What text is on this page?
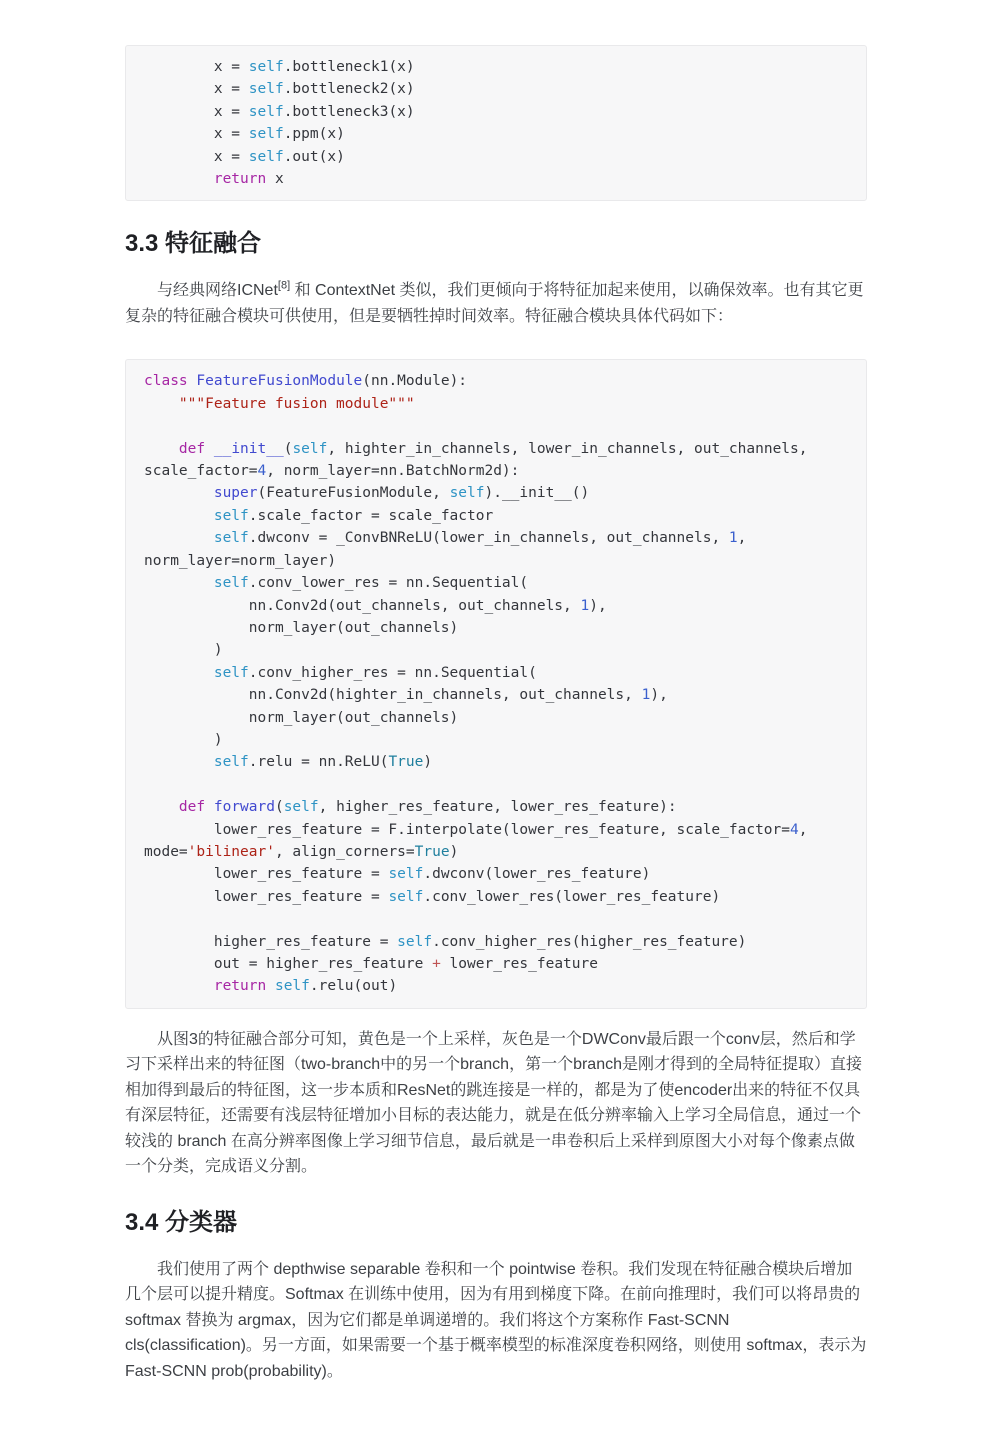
x = self.bottleneck1(x)
x = self.bottleneck2(x)
x = self.bottleneck3(x)
x = self.ppm(x)
x = self.out(x)
return x
3.3 特征融合

与经典网络ICNet[8] 和 ContextNet 类似，我们更倾向于将特征加起来使用，以确保效率。也有其它更复杂的特征融合模块可供使用，但是要牺牲掉时间效率。特征融合模块具体代码如下：

class FeatureFusionModule(nn.Module):
"""Feature fusion module"""

def __init__(self, highter_in_channels, lower_in_channels, out_channels,
scale_factor=4, norm_layer=nn.BatchNorm2d):
super(FeatureFusionModule, self).__init__()
self.scale_factor = scale_factor
self.dwconv = _ConvBNReLU(lower_in_channels, out_channels, 1,
norm_layer=norm_layer)
self.conv_lower_res = nn.Sequential(
nn.Conv2d(out_channels, out_channels, 1),
norm_layer(out_channels)
)
self.conv_higher_res = nn.Sequential(
nn.Conv2d(highter_in_channels, out_channels, 1),
norm_layer(out_channels)
)
self.relu = nn.ReLU(True)

def forward(self, higher_res_feature, lower_res_feature):
lower_res_feature = F.interpolate(lower_res_feature, scale_factor=4,
mode='bilinear', align_corners=True)
lower_res_feature = self.dwconv(lower_res_feature)
lower_res_feature = self.conv_lower_res(lower_res_feature)

higher_res_feature = self.conv_higher_res(higher_res_feature)
out = higher_res_feature + lower_res_feature
return self.relu(out)

从图3的特征融合部分可知，黄色是一个上采样，灰色是一个DWConv最后跟一个conv层，然后和学习下采样出来的特征图（two-branch中的另一个branch，第一个branch是刚才得到的全局特征提取）直接相加得到最后的特征图，这一步本质和ResNet的跳连接是一样的，都是为了使encoder出来的特征不仅具有深层特征，还需要有浅层特征增加小目标的表达能力，就是在低分辨率输入上学习全局信息，通过一个较浅的 branch 在高分辨率图像上学习细节信息，最后就是一串卷积后上采样到原图大小对每个像素点做一个分类，完成语义分割。

3.4 分类器

我们使用了两个 depthwise separable 卷积和一个 pointwise 卷积。我们发现在特征融合模块后增加几个层可以提升精度。Softmax 在训练中使用，因为有用到梯度下降。在前向推理时，我们可以将昂贵的 softmax 替换为 argmax，因为它们都是单调递增的。我们将这个方案称作 Fast-SCNN cls(classification)。另一方面，如果需要一个基于概率模型的标准深度卷积网络，则使用 softmax，表示为 Fast-SCNN prob(probability)。
